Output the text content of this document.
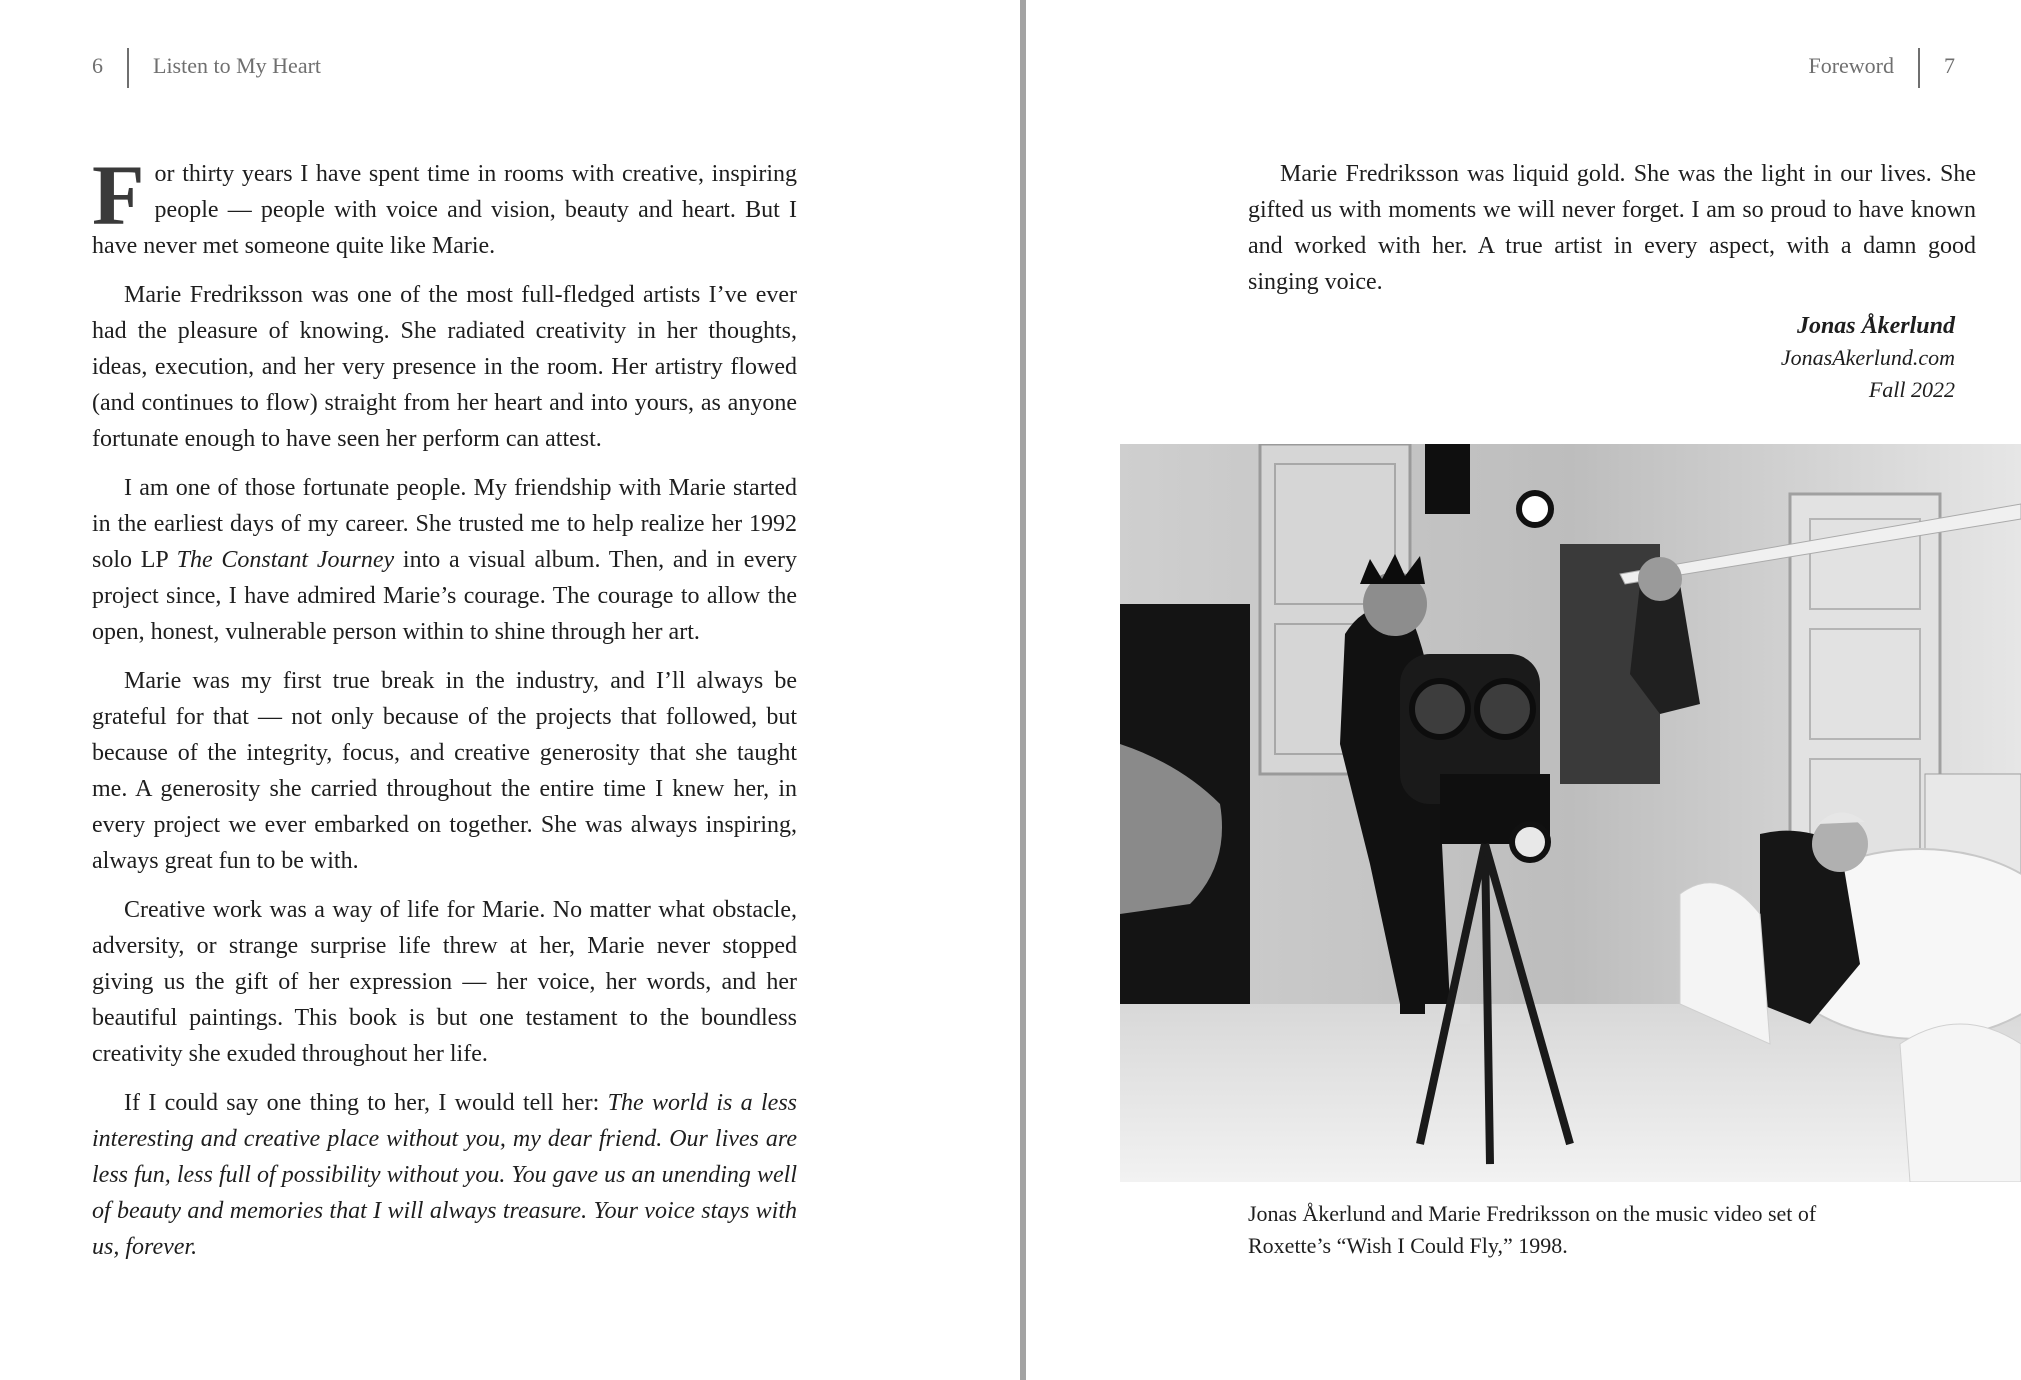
6 Listen to My Heart

For thirty years I have spent time in rooms with creative, inspiring people — people with voice and vision, beauty and heart. But I have never met someone quite like Marie.

Marie Fredriksson was one of the most full-fledged artists I’ve ever had the pleasure of knowing. She radiated creativity in her thoughts, ideas, execution, and her very presence in the room. Her artistry flowed (and continues to flow) straight from her heart and into yours, as anyone fortunate enough to have seen her perform can attest.

I am one of those fortunate people. My friendship with Marie started in the earliest days of my career. She trusted me to help realize her 1992 solo LP The Constant Journey into a visual album. Then, and in every project since, I have admired Marie’s courage. The courage to allow the open, honest, vulnerable person within to shine through her art.

Marie was my first true break in the industry, and I’ll always be grateful for that — not only because of the projects that followed, but because of the integrity, focus, and creative generosity that she taught me. A generosity she carried throughout the entire time I knew her, in every project we ever embarked on together. She was always inspiring, always great fun to be with.

Creative work was a way of life for Marie. No matter what obstacle, adversity, or strange surprise life threw at her, Marie never stopped giving us the gift of her expression — her voice, her words, and her beautiful paintings. This book is but one testament to the boundless creativity she exuded throughout her life.

If I could say one thing to her, I would tell her: The world is a less interesting and creative place without you, my dear friend. Our lives are less fun, less full of possibility without you. You gave us an unending well of beauty and memories that I will always treasure. Your voice stays with us, forever.

Foreword 7

Marie Fredriksson was liquid gold. She was the light in our lives. She gifted us with moments we will never forget. I am so proud to have known and worked with her. A true artist in every aspect, with a damn good singing voice.

Jonas Åkerlund
JonasAkerlund.com
Fall 2022
Jonas Åkerlund and Marie Fredriksson on the music video set of Roxette’s “Wish I Could Fly,” 1998.
